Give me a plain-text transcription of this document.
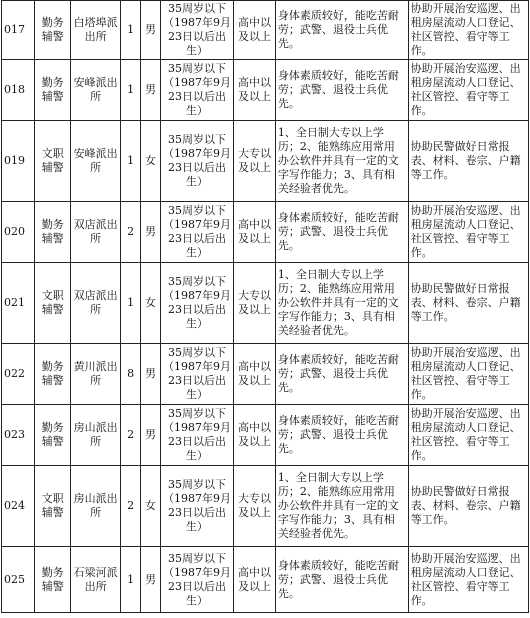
017	勤务辅警	白塔埠派出所	1	男	35周岁以下（1987年9月23日以后出生）	高中以及以上	身体素质较好，能吃苦耐劳；武警、退役士兵优先。	协助开展治安巡逻、出租房屋流动人口登记、社区管控、看守等工作。
018	勤务辅警	安峰派出所	1	男	35周岁以下（1987年9月23日以后出生）	高中以及以上	身体素质较好，能吃苦耐劳；武警、退役士兵优先。	协助开展治安巡逻、出租房屋流动人口登记、社区管控、看守等工作。
019	文职辅警	安峰派出所	1	女	35周岁以下（1987年9月23日以后出生）	大专以及以上	1、全日制大专以上学历；2、能熟练应用常用办公软件并具有一定的文字写作能力；3、具有相关经验者优先。	协助民警做好日常报表、材料、卷宗、户籍等工作。
020	勤务辅警	双店派出所	2	男	35周岁以下（1987年9月23日以后出生）	高中以及以上	身体素质较好，能吃苦耐劳；武警、退役士兵优先。	协助开展治安巡逻、出租房屋流动人口登记、社区管控、看守等工作。
021	文职辅警	双店派出所	1	女	35周岁以下（1987年9月23日以后出生）	大专以及以上	1、全日制大专以上学历；2、能熟练应用常用办公软件并具有一定的文字写作能力；3、具有相关经验者优先。	协助民警做好日常报表、材料、卷宗、户籍等工作。
022	勤务辅警	黄川派出所	8	男	35周岁以下（1987年9月23日以后出生）	高中以及以上	身体素质较好，能吃苦耐劳；武警、退役士兵优先。	协助开展治安巡逻、出租房屋流动人口登记、社区管控、看守等工作。
023	勤务辅警	房山派出所	2	男	35周岁以下（1987年9月23日以后出生）	高中以及以上	身体素质较好，能吃苦耐劳；武警、退役士兵优先。	协助开展治安巡逻、出租房屋流动人口登记、社区管控、看守等工作。
024	文职辅警	房山派出所	2	女	35周岁以下（1987年9月23日以后出生）	大专以及以上	1、全日制大专以上学历；2、能熟练应用常用办公软件并具有一定的文字写作能力；3、具有相关经验者优先。	协助民警做好日常报表、材料、卷宗、户籍等工作。
025	勤务辅警	石梁河派出所	1	男	35周岁以下（1987年9月23日以后出生）	高中以及以上	身体素质较好，能吃苦耐劳；武警、退役士兵优先。	协助开展治安巡逻、出租房屋流动人口登记、社区管控、看守等工作。
